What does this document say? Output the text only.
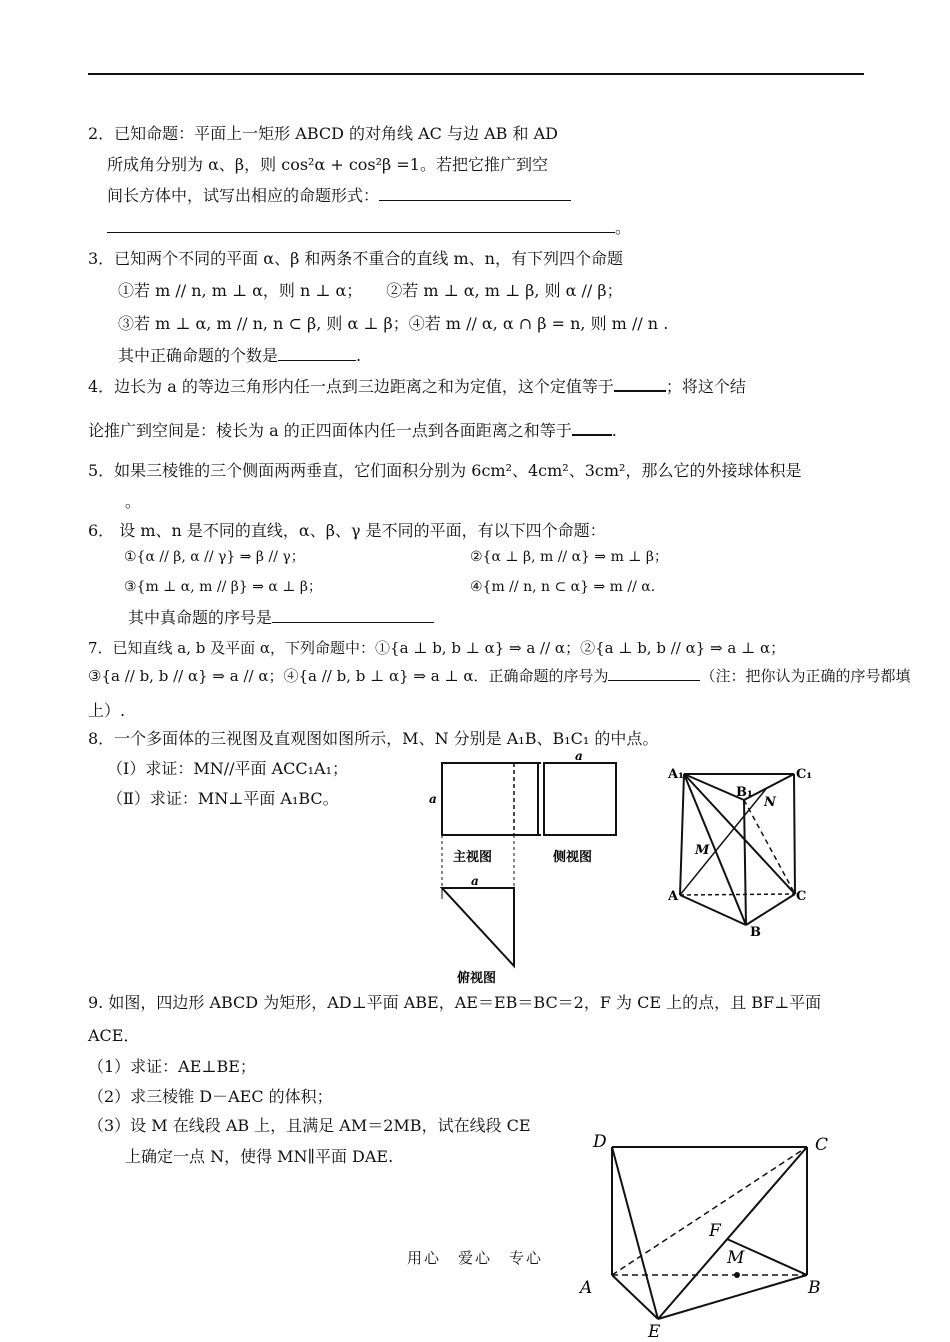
2．已知命题：平面上一矩形 ABCD 的对角线 AC 与边 AB 和 AD
所成角分别为 α、β，则 cos²α + cos²β =1。若把它推广到空
间长方体中，试写出相应的命题形式：
。
3．已知两个不同的平面 α、β 和两条不重合的直线 m、n，有下列四个命题
①若 m // n, m ⊥ α，则 n ⊥ α；　　②若 m ⊥ α, m ⊥ β, 则 α // β；
③若 m ⊥ α, m // n, n ⊂ β, 则 α ⊥ β；④若 m // α, α ∩ β = n, 则 m // n .
其中正确命题的个数是	.
4．边长为 a 的等边三角形内任一点到三边距离之和为定值，这个定值等于	；将这个结
论推广到空间是：棱长为 a 的正四面体内任一点到各面距离之和等于	.
5．如果三棱锥的三个侧面两两垂直，它们面积分别为 6cm²、4cm²、3cm²，那么它的外接球体积是
。
6． 设 m、n 是不同的直线，α、β、γ 是不同的平面，有以下四个命题：
①{α // β, α // γ} ⇒ β // γ；	②{α ⊥ β, m // α} ⇒ m ⊥ β；
③{m ⊥ α, m // β} ⇒ α ⊥ β；	④{m // n, n ⊂ α} ⇒ m // α.
其中真命题的序号是
7．已知直线 a, b 及平面 α，下列命题中：①{a ⊥ b, b ⊥ α} ⇒ a // α；②{a ⊥ b, b // α} ⇒ a ⊥ α；
③{a // b, b // α} ⇒ a // α；④{a // b, b ⊥ α} ⇒ a ⊥ α．正确命题的序号为	（注：把你认为正确的序号都填
上）.
8．一个多面体的三视图及直观图如图所示，M、N 分别是 A₁B、B₁C₁ 的中点。
（Ⅰ）求证：MN//平面 ACC₁A₁；
（Ⅱ）求证：MN⊥平面 A₁BC。
a
a
a
主视图	侧视图
俯视图
A₁	C₁
B₁
N
M
A	C
B
9. 如图，四边形 ABCD 为矩形，AD⊥平面 ABE，AE＝EB＝BC＝2，F 为 CE 上的点，且 BF⊥平面
ACE．
（1）求证：AE⊥BE；
（2）求三棱锥 D－AEC 的体积；
（3）设 M 在线段 AB 上，且满足 AM＝2MB，试在线段 CE
上确定一点 N，使得 MN∥平面 DAE.
D	C
F
M
A	B
E
用心　爱心　专心
